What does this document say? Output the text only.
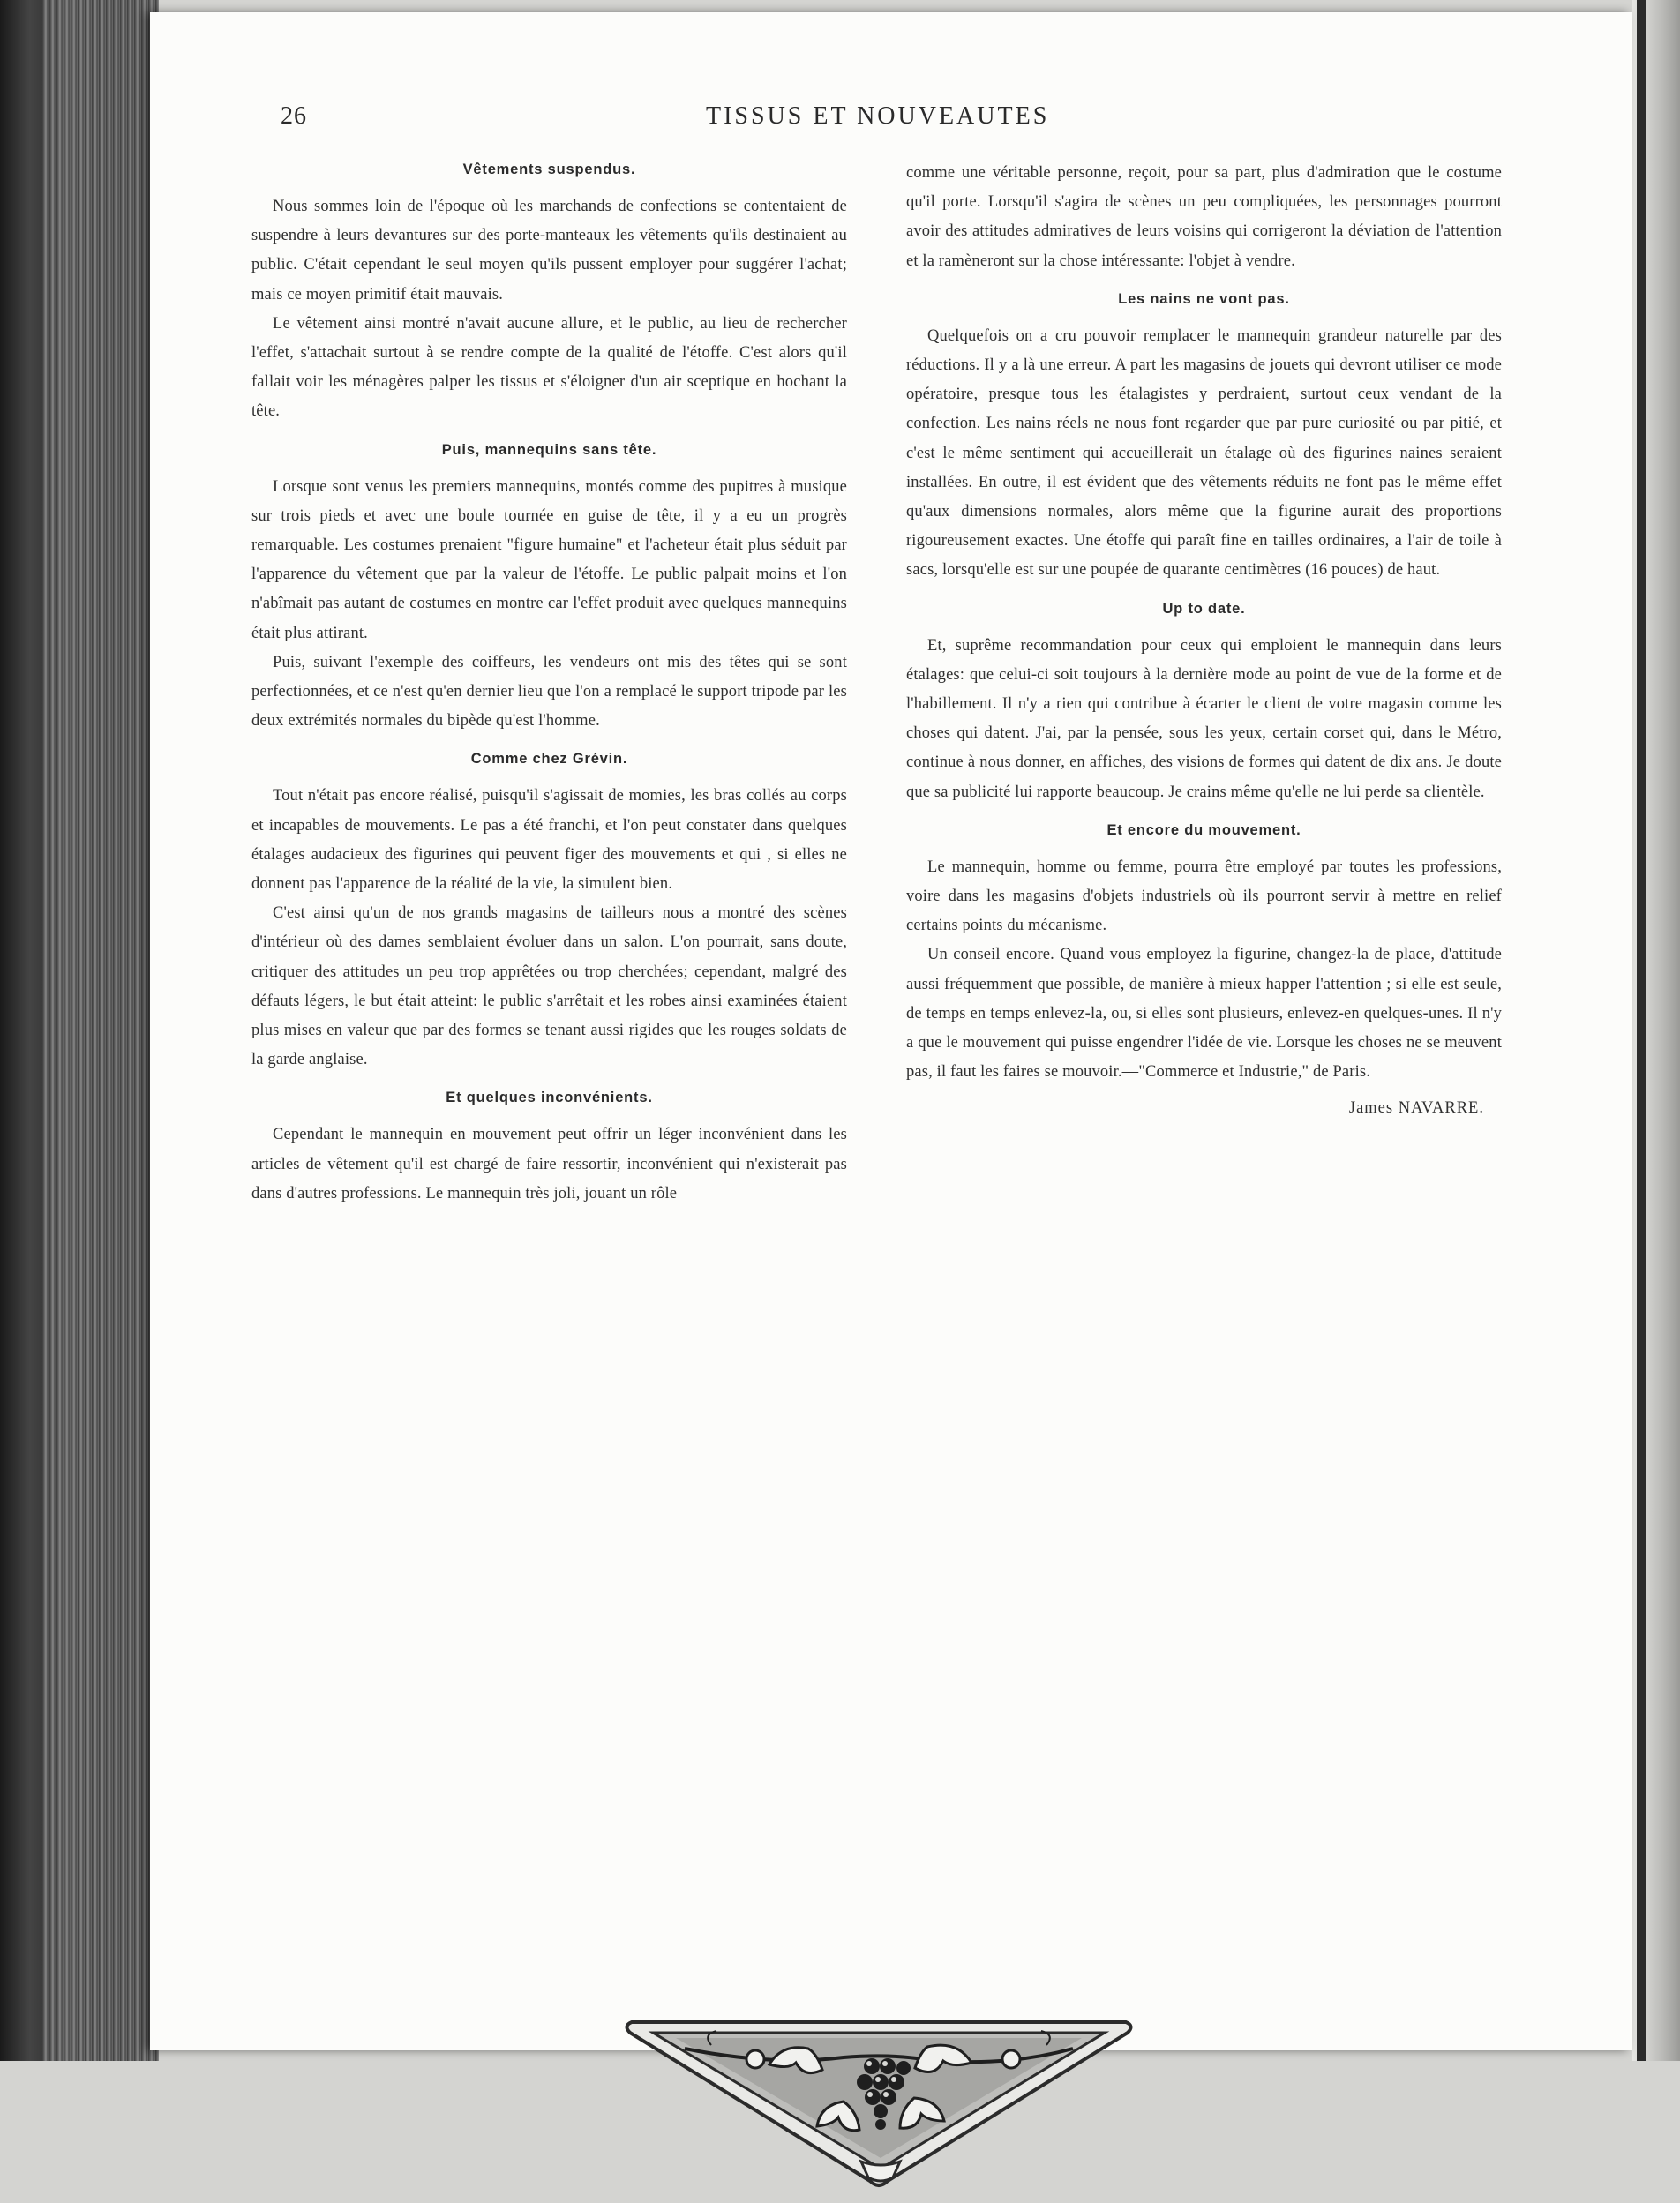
26	TISSUS ET NOUVEAUTES
Vêtements suspendus.

Nous sommes loin de l'époque où les marchands de confections se contentaient de suspendre à leurs devantures sur des porte-manteaux les vêtements qu'ils destinaient au public. C'était cependant le seul moyen qu'ils pussent employer pour suggérer l'achat; mais ce moyen primitif était mauvais.

Le vêtement ainsi montré n'avait aucune allure, et le public, au lieu de rechercher l'effet, s'attachait surtout à se rendre compte de la qualité de l'étoffe. C'est alors qu'il fallait voir les ménagères palper les tissus et s'éloigner d'un air sceptique en hochant la tête.

Puis, mannequins sans tête.

Lorsque sont venus les premiers mannequins, montés comme des pupitres à musique sur trois pieds et avec une boule tournée en guise de tête, il y a eu un progrès remarquable. Les costumes prenaient "figure humaine" et l'acheteur était plus séduit par l'apparence du vêtement que par la valeur de l'étoffe. Le public palpait moins et l'on n'abîmait pas autant de costumes en montre car l'effet produit avec quelques mannequins était plus attirant.

Puis, suivant l'exemple des coiffeurs, les vendeurs ont mis des têtes qui se sont perfectionnées, et ce n'est qu'en dernier lieu que l'on a remplacé le support tripode par les deux extrémités normales du bipède qu'est l'homme.

Comme chez Grévin.

Tout n'était pas encore réalisé, puisqu'il s'agissait de momies, les bras collés au corps et incapables de mouvements. Le pas a été franchi, et l'on peut constater dans quelques étalages audacieux des figurines qui peuvent figer des mouvements et qui , si elles ne donnent pas l'apparence de la réalité de la vie, la simulent bien.

C'est ainsi qu'un de nos grands magasins de tailleurs nous a montré des scènes d'intérieur où des dames semblaient évoluer dans un salon. L'on pourrait, sans doute, critiquer des attitudes un peu trop apprêtées ou trop cherchées; cependant, malgré des défauts légers, le but était atteint: le public s'arrêtait et les robes ainsi examinées étaient plus mises en valeur que par des formes se tenant aussi rigides que les rouges soldats de la garde anglaise.

Et quelques inconvénients.

Cependant le mannequin en mouvement peut offrir un léger inconvénient dans les articles de vêtement qu'il est chargé de faire ressortir, inconvénient qui n'existerait pas dans d'autres professions. Le mannequin très joli, jouant un rôle

comme une véritable personne, reçoit, pour sa part, plus d'admiration que le costume qu'il porte. Lorsqu'il s'agira de scènes un peu compliquées, les personnages pourront avoir des attitudes admiratives de leurs voisins qui corrigeront la déviation de l'attention et la ramèneront sur la chose intéressante: l'objet à vendre.

Les nains ne vont pas.

Quelquefois on a cru pouvoir remplacer le mannequin grandeur naturelle par des réductions. Il y a là une erreur. A part les magasins de jouets qui devront utiliser ce mode opératoire, presque tous les étalagistes y perdraient, surtout ceux vendant de la confection. Les nains réels ne nous font regarder que par pure curiosité ou par pitié, et c'est le même sentiment qui accueillerait un étalage où des figurines naines seraient installées. En outre, il est évident que des vêtements réduits ne font pas le même effet qu'aux dimensions normales, alors même que la figurine aurait des proportions rigoureusement exactes. Une étoffe qui paraît fine en tailles ordinaires, a l'air de toile à sacs, lorsqu'elle est sur une poupée de quarante centimètres (16 pouces) de haut.

Up to date.

Et, suprême recommandation pour ceux qui emploient le mannequin dans leurs étalages: que celui-ci soit toujours à la dernière mode au point de vue de la forme et de l'habillement. Il n'y a rien qui contribue à écarter le client de votre magasin comme les choses qui datent. J'ai, par la pensée, sous les yeux, certain corset qui, dans le Métro, continue à nous donner, en affiches, des visions de formes qui datent de dix ans. Je doute que sa publicité lui rapporte beaucoup. Je crains même qu'elle ne lui perde sa clientèle.

Et encore du mouvement.

Le mannequin, homme ou femme, pourra être employé par toutes les professions, voire dans les magasins d'objets industriels où ils pourront servir à mettre en relief certains points du mécanisme.

Un conseil encore. Quand vous employez la figurine, changez-la de place, d'attitude aussi fréquemment que possible, de manière à mieux happer l'attention ; si elle est seule, de temps en temps enlevez-la, ou, si elles sont plusieurs, enlevez-en quelques-unes. Il n'y a que le mouvement qui puisse engendrer l'idée de vie. Lorsque les choses ne se meuvent pas, il faut les faires se mouvoir.—"Commerce et Industrie," de Paris.

James NAVARRE.
